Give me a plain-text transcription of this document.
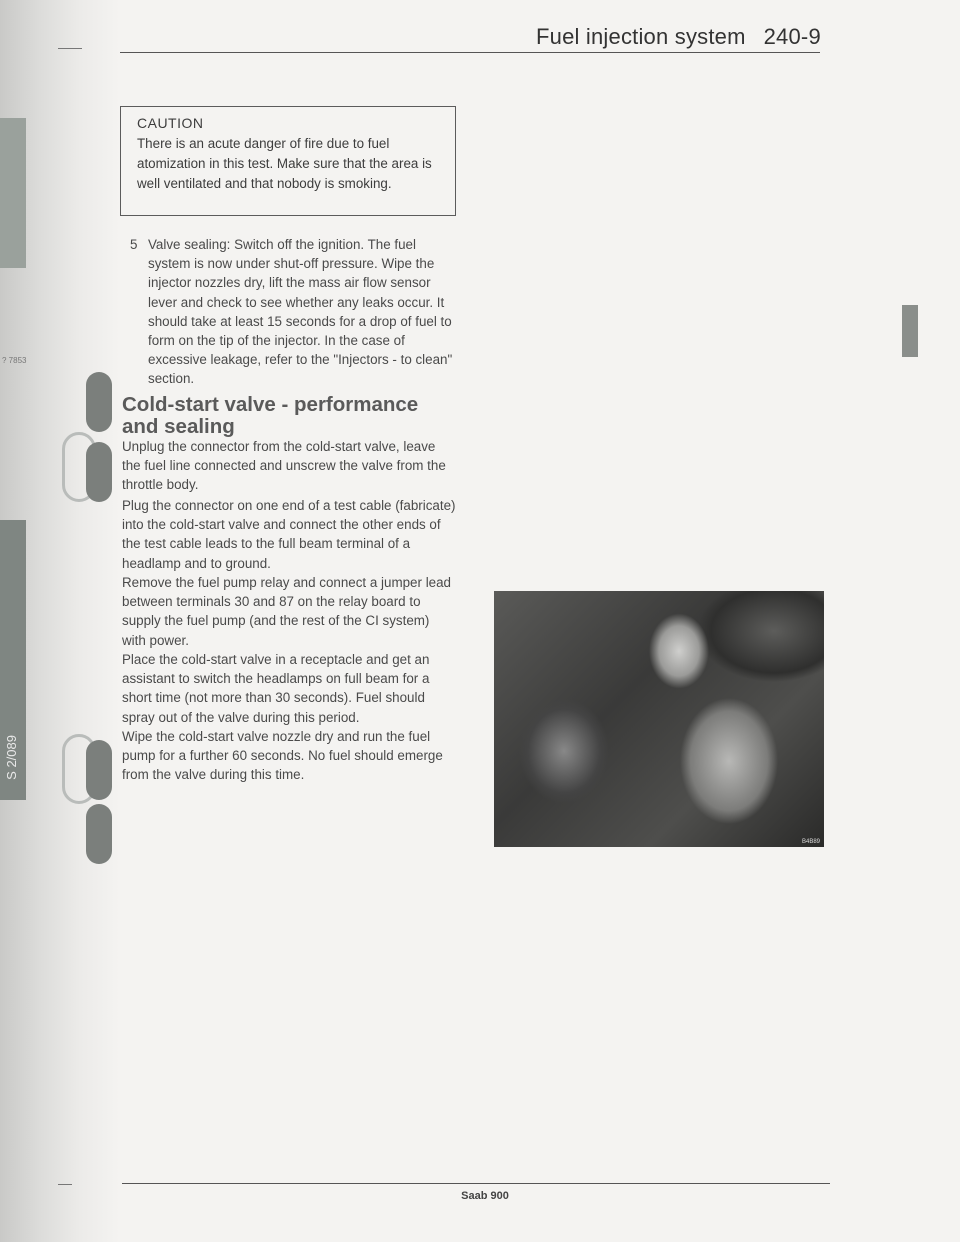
S 2/089
? 7853
Fuel injection system 240-9
CAUTION
There is an acute danger of fire due to fuel atomization in this test. Make sure that the area is well ventilated and that nobody is smoking.
5 Valve sealing: Switch off the ignition. The fuel system is now under shut-off pressure. Wipe the injector nozzles dry, lift the mass air flow sensor lever and check to see whether any leaks occur. It should take at least 15 seconds for a drop of fuel to form on the tip of the injector. In the case of excessive leakage, refer to the "Injectors - to clean" section.
Cold-start valve - performance and sealing
Unplug the connector from the cold-start valve, leave the fuel line connected and unscrew the valve from the throttle body.
Plug the connector on one end of a test cable (fabricate) into the cold-start valve and connect the other ends of the test cable leads to the full beam terminal of a headlamp and to ground.
Remove the fuel pump relay and connect a jumper lead between terminals 30 and 87 on the relay board to supply the fuel pump (and the rest of the CI system) with power.
Place the cold-start valve in a receptacle and get an assistant to switch the headlamps on full beam for a short time (not more than 30 seconds). Fuel should spray out of the valve during this period.
Wipe the cold-start valve nozzle dry and run the fuel pump for a further 60 seconds. No fuel should emerge from the valve during this time.
B4B89
Saab 900
